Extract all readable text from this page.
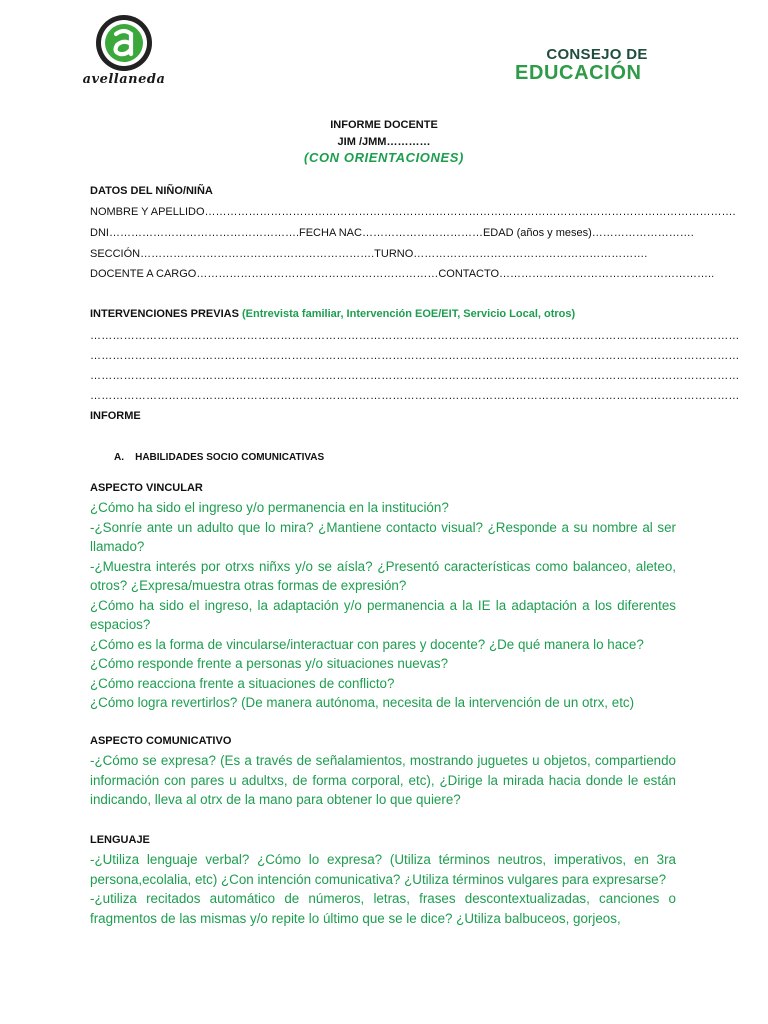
avellaneda
CONSEJO DE
EDUCACIÓN
INFORME DOCENTE
JIM /JMM…………
(CON ORIENTACIONES)
DATOS DEL NIÑO/NIÑA
NOMBRE Y APELLIDO……………………………………………………………………………………………………………………………….
DNI…………………………………………….FECHA NAC……………………………EDAD (años y meses)……………………….
SECCIÓN……………………………………………………….TURNO……………………………………………………….
DOCENTE A CARGO…………………………………………………………CONTACTO…………………………………………………..
INTERVENCIONES PREVIAS (Entrevista familiar, Intervención EOE/EIT, Servicio Local, otros)
…………………………………………………………………………………………………………………………………………………………
…………………………………………………………………………………………………………………………………………………………
…………………………………………………………………………………………………………………………………………………………
…………………………………………………………………………………………………………………………………………………………
INFORME
A.    HABILIDADES SOCIO COMUNICATIVAS
ASPECTO VINCULAR

¿Cómo ha sido el ingreso y/o permanencia en la institución?

-¿Sonríe ante un adulto que lo mira? ¿Mantiene contacto visual? ¿Responde a su nombre al ser llamado?

-¿Muestra interés por otrxs niñxs y/o se aísla? ¿Presentó características como balanceo, aleteo, otros? ¿Expresa/muestra otras formas de expresión?

¿Cómo ha sido el ingreso, la adaptación y/o permanencia a la IE la adaptación a los diferentes espacios?

¿Cómo es la forma de vincularse/interactuar con pares y docente? ¿De qué manera lo hace?

¿Cómo responde frente a personas y/o situaciones nuevas?

¿Cómo reacciona frente a situaciones de conflicto?

¿Cómo logra revertirlos? (De manera autónoma, necesita de la intervención de un otrx, etc)

ASPECTO COMUNICATIVO

-¿Cómo se expresa? (Es a través de señalamientos, mostrando juguetes u objetos, compartiendo información con pares u adultxs, de forma corporal, etc), ¿Dirige la mirada hacia donde le están indicando, lleva al otrx de la mano para obtener lo que quiere?

LENGUAJE

-¿Utiliza lenguaje verbal? ¿Cómo lo expresa? (Utiliza términos neutros, imperativos, en 3ra persona,ecolalia, etc) ¿Con intención comunicativa? ¿Utiliza términos vulgares para expresarse?

-¿utiliza recitados automático de números, letras, frases descontextualizadas, canciones o fragmentos de las mismas y/o repite lo último que se le dice? ¿Utiliza balbuceos, gorjeos,
